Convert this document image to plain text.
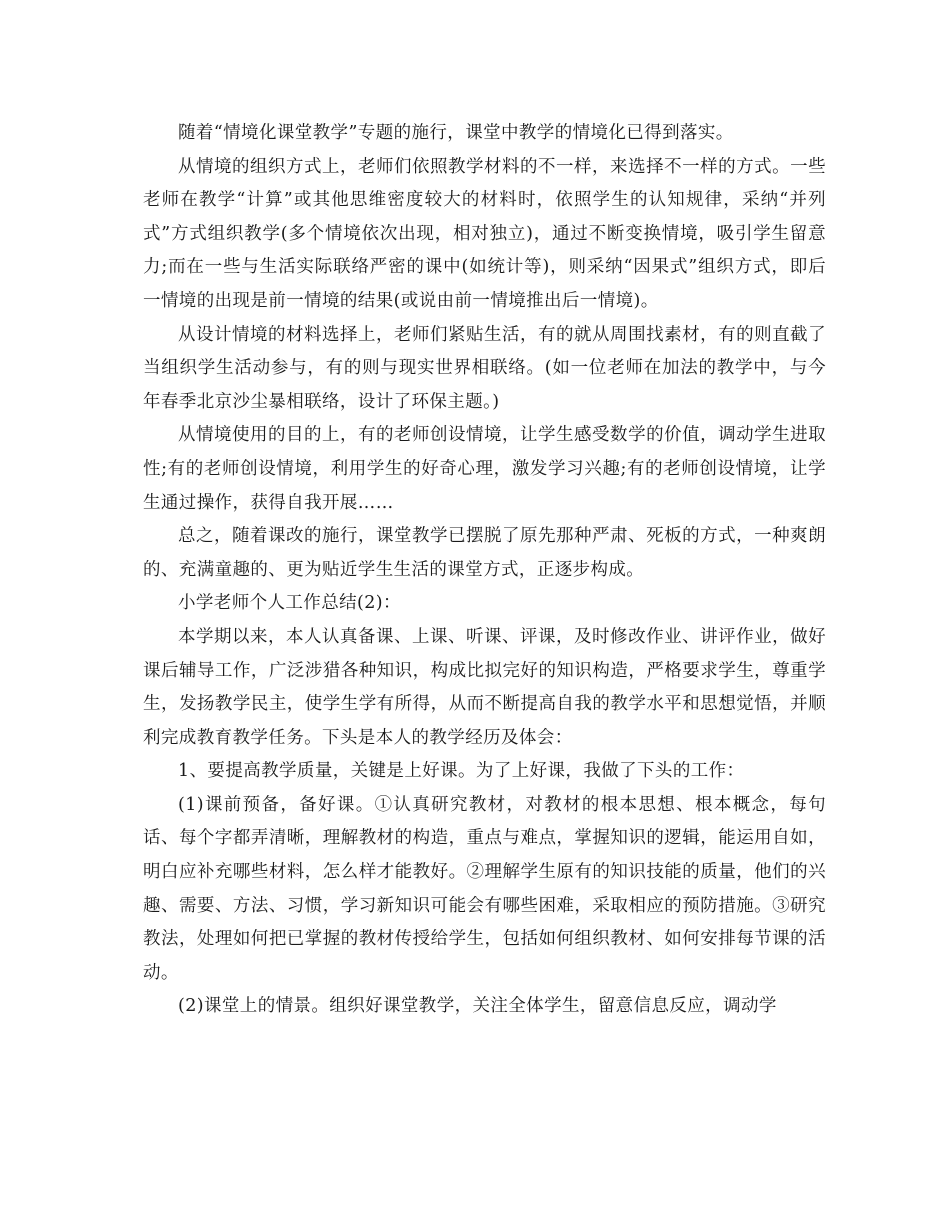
随着“情境化课堂教学”专题的施行，课堂中教学的情境化已得到落实。

从情境的组织方式上，老师们依照教学材料的不一样，来选择不一样的方式。一些老师在教学“计算”或其他思维密度较大的材料时，依照学生的认知规律，采纳“并列式”方式组织教学(多个情境依次出现，相对独立)，通过不断变换情境，吸引学生留意力;而在一些与生活实际联络严密的课中(如统计等)，则采纳“因果式”组织方式，即后一情境的出现是前一情境的结果(或说由前一情境推出后一情境)。

从设计情境的材料选择上，老师们紧贴生活，有的就从周围找素材，有的则直截了当组织学生活动参与，有的则与现实世界相联络。(如一位老师在加法的教学中，与今年春季北京沙尘暴相联络，设计了环保主题。)

从情境使用的目的上，有的老师创设情境，让学生感受数学的价值，调动学生进取性;有的老师创设情境，利用学生的好奇心理，激发学习兴趣;有的老师创设情境，让学生通过操作，获得自我开展……

总之，随着课改的施行，课堂教学已摆脱了原先那种严肃、死板的方式，一种爽朗的、充满童趣的、更为贴近学生生活的课堂方式，正逐步构成。

小学老师个人工作总结(2)：

本学期以来，本人认真备课、上课、听课、评课，及时修改作业、讲评作业，做好课后辅导工作，广泛涉猎各种知识，构成比拟完好的知识构造，严格要求学生，尊重学生，发扬教学民主，使学生学有所得，从而不断提高自我的教学水平和思想觉悟，并顺利完成教育教学任务。下头是本人的教学经历及体会：

1、要提高教学质量，关键是上好课。为了上好课，我做了下头的工作：

(1)课前预备，备好课。①认真研究教材，对教材的根本思想、根本概念，每句话、每个字都弄清晰，理解教材的构造，重点与难点，掌握知识的逻辑，能运用自如，明白应补充哪些材料，怎么样才能教好。②理解学生原有的知识技能的质量，他们的兴趣、需要、方法、习惯，学习新知识可能会有哪些困难，采取相应的预防措施。③研究教法，处理如何把已掌握的教材传授给学生，包括如何组织教材、如何安排每节课的活动。

(2)课堂上的情景。组织好课堂教学，关注全体学生，留意信息反应，调动学
